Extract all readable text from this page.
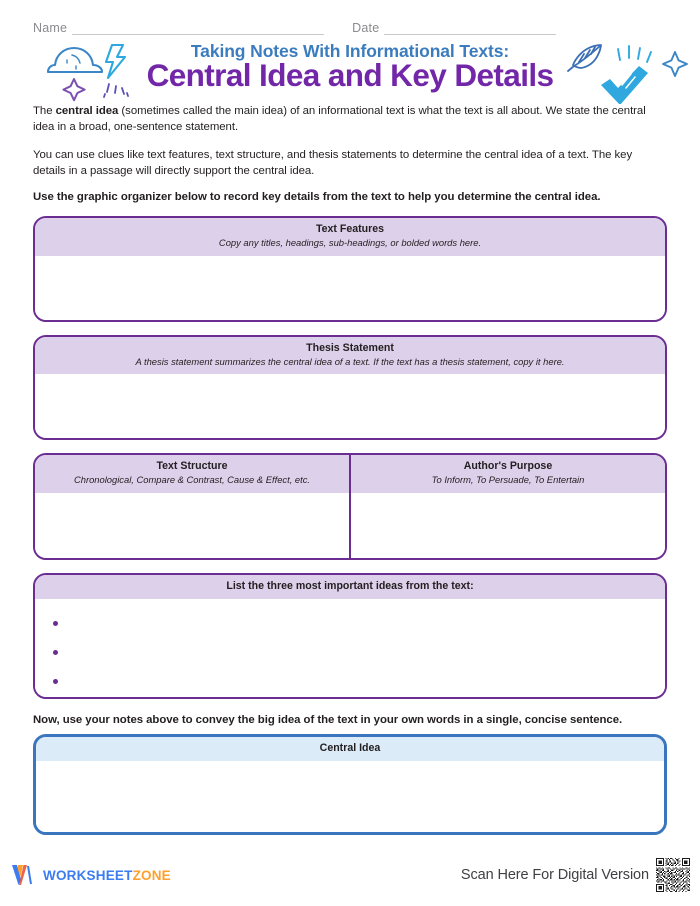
Name	Date
Taking Notes With Informational Texts:
Central Idea and Key Details

The central idea (sometimes called the main idea) of an informational text is what the text is all about. We state the central idea in a broad, one-sentence statement.

You can use clues like text features, text structure, and thesis statements to determine the central idea of a text. The key details in a passage will directly support the central idea.

Use the graphic organizer below to record key details from the text to help you determine the central idea.

Text Features
Copy any titles, headings, sub-headings, or bolded words here.
Thesis Statement
A thesis statement summarizes the central idea of a text. If the text has a thesis statement, copy it here.
Text Structure
Chronological, Compare & Contrast, Cause & Effect, etc.
Author's Purpose
To Inform, To Persuade, To Entertain
List the three most important ideas from the text:

Now, use your notes above to convey the big idea of the text in your own words in a single, concise sentence.

Central Idea
WORKSHEETZONE	Scan Here For Digital Version
